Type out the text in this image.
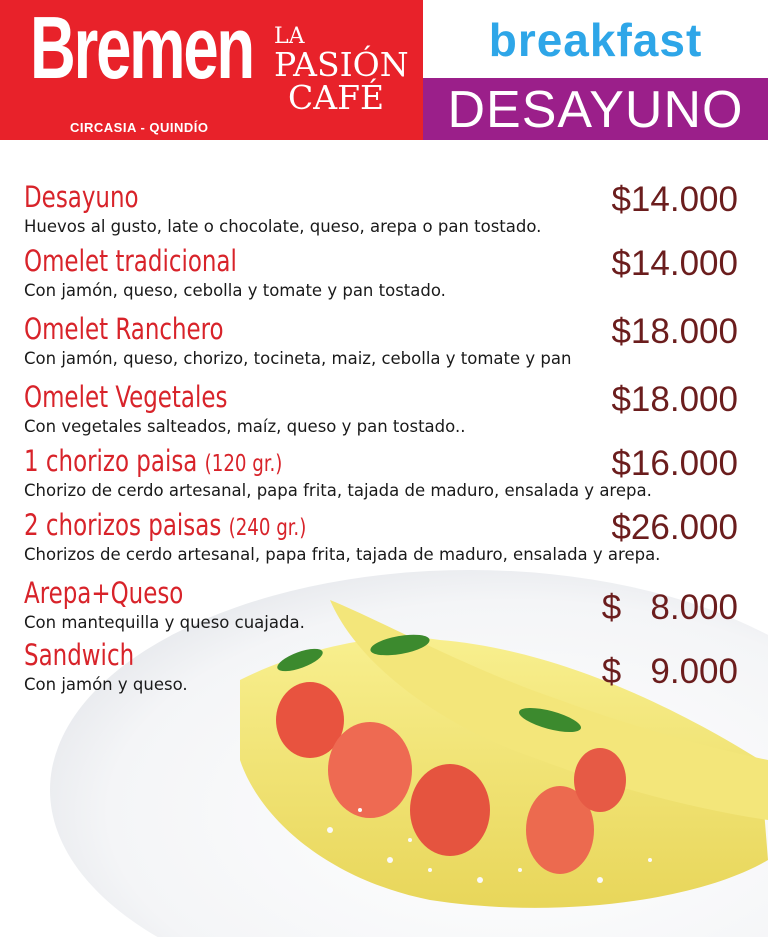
Bremen LA
PASIÓN
CAFÉ
CIRCASIA - QUINDÍO
breakfast
DESAYUNO
Desayuno
Huevos al gusto, late o chocolate, queso, arepa o pan tostado.
$14.000
Omelet tradicional
Con jamón, queso, cebolla y tomate y pan tostado.
$14.000
Omelet Ranchero
Con jamón, queso, chorizo, tocineta, maiz, cebolla y tomate y pan
$18.000
Omelet Vegetales
Con vegetales salteados, maíz, queso y pan tostado..
$18.000
1 chorizo paisa (120 gr.)
Chorizo de cerdo artesanal, papa frita, tajada de maduro, ensalada y arepa.
$16.000
2 chorizos paisas (240 gr.)
Chorizos de cerdo artesanal, papa frita, tajada de maduro, ensalada y arepa.
$26.000
Arepa+Queso
Con mantequilla y queso cuajada.	$   8.000
Sandwich
Con jamón y queso.	$   9.000
